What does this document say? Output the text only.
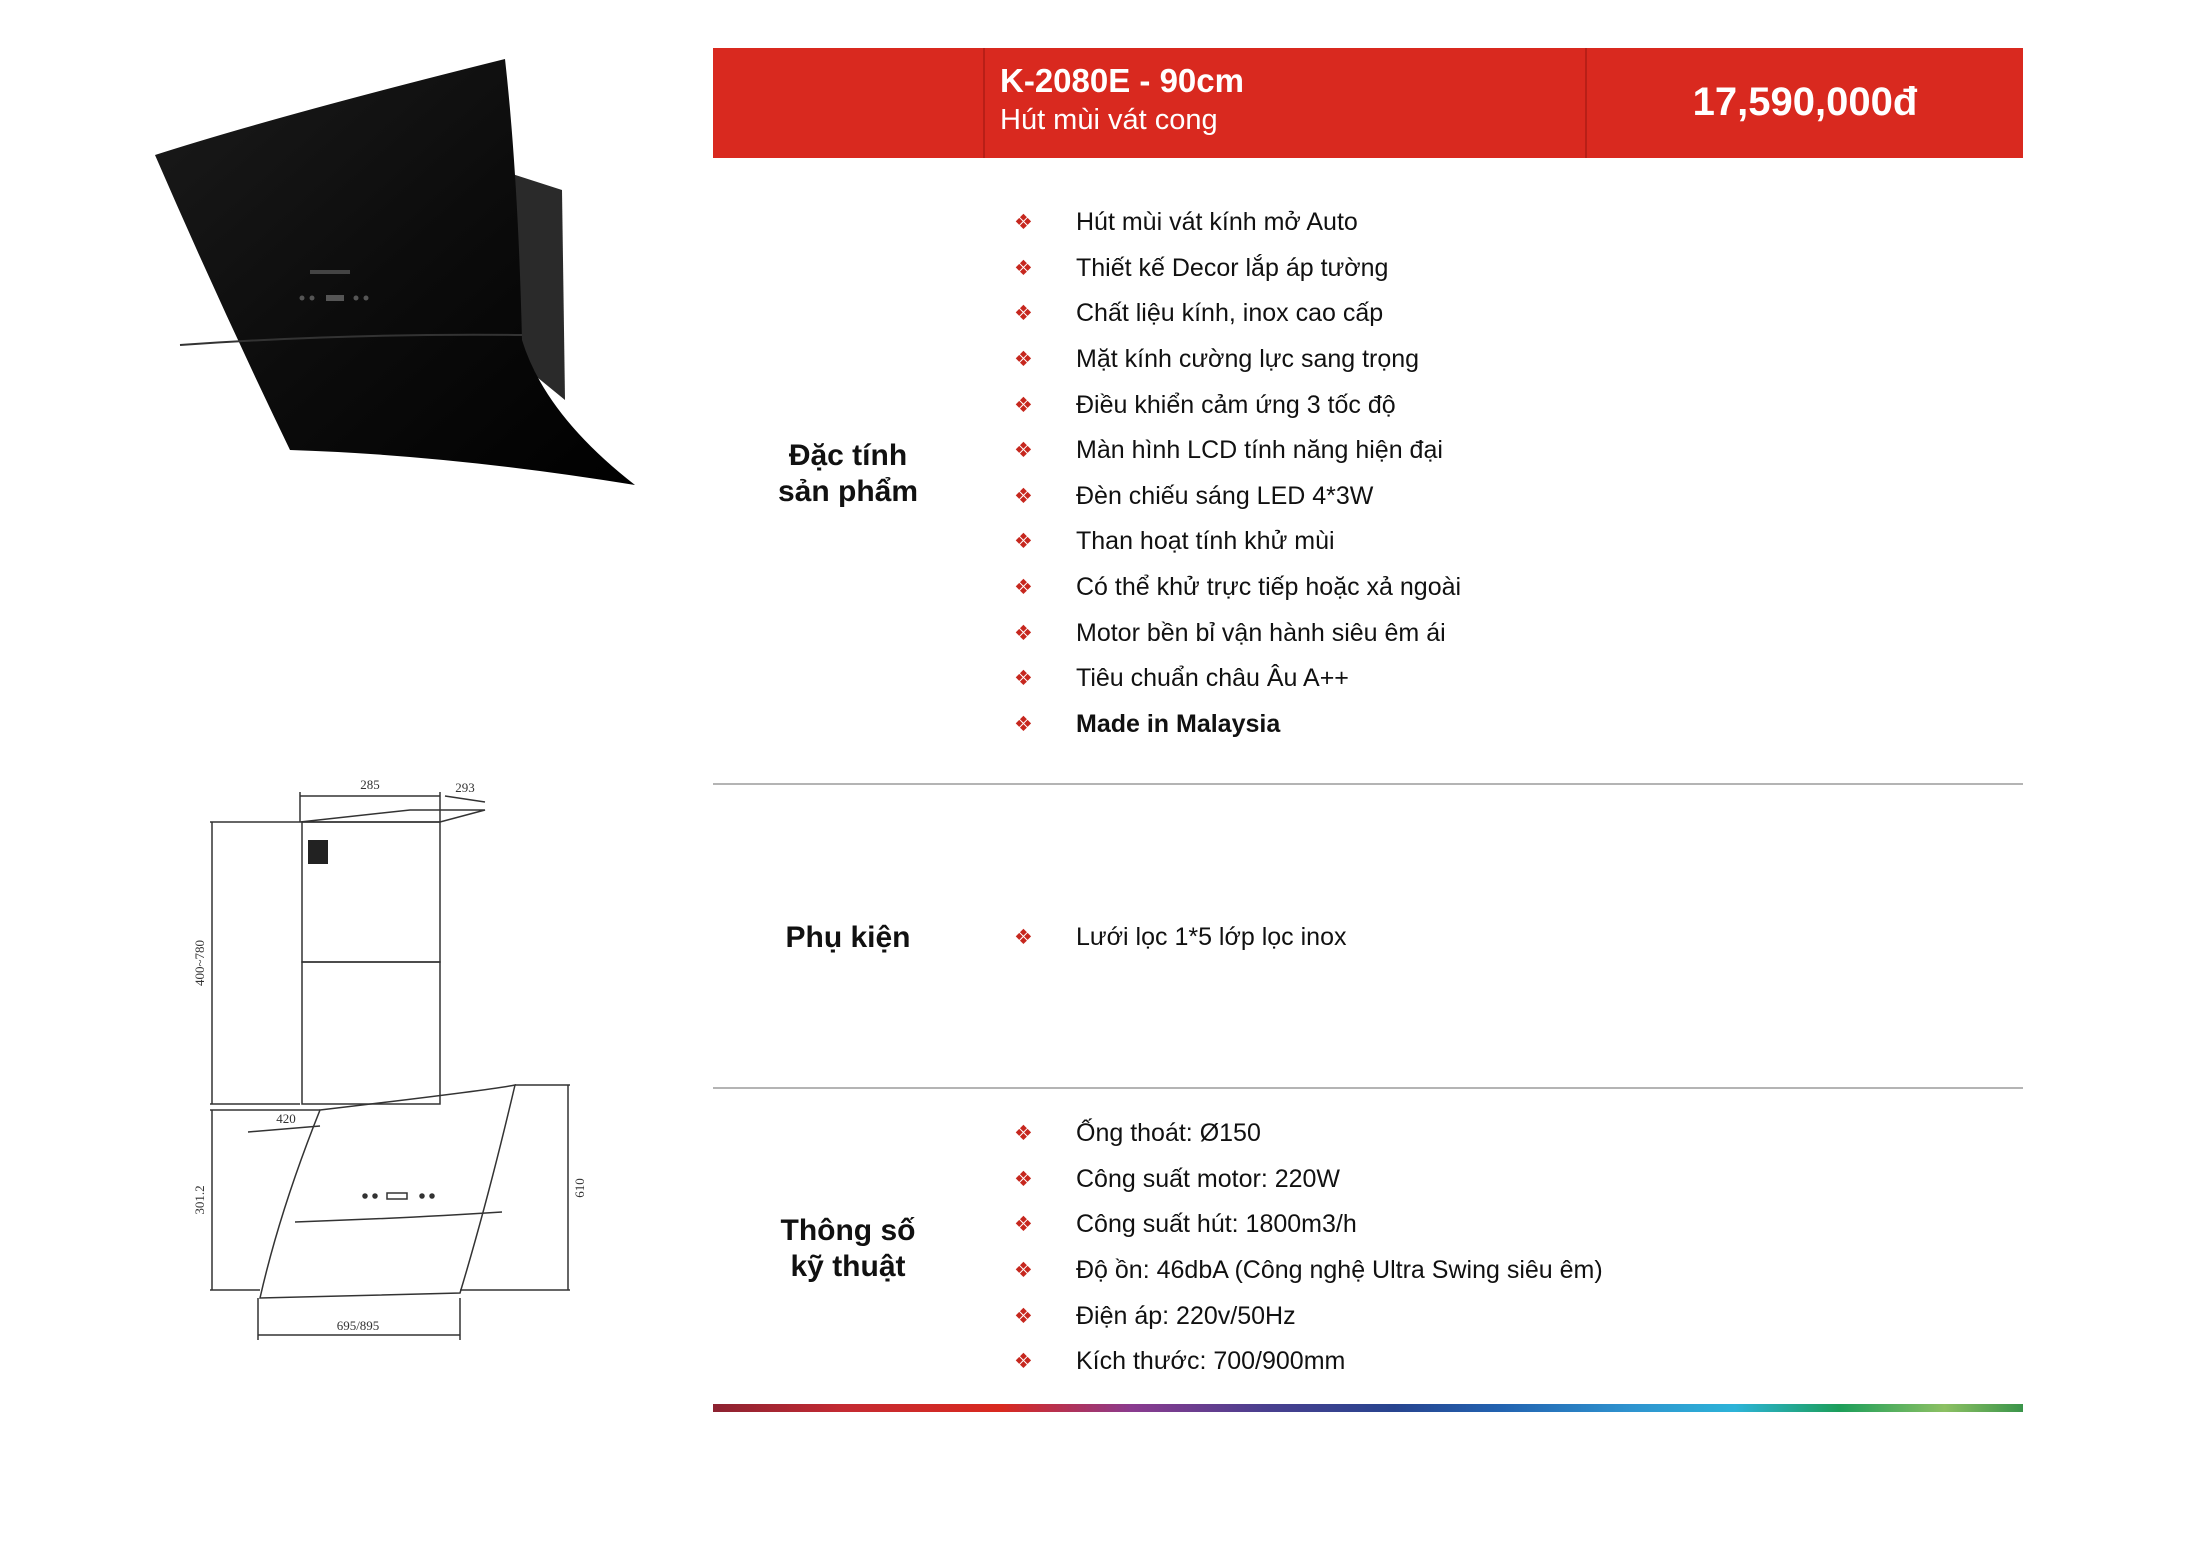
285	293
400~780
420
301.2	610
695/895
K-2080E - 90cm
Hút mùi vát cong	17,590,000đ
Đặc tính
sản phẩm
❖	Hút mùi vát kính mở Auto
❖	Thiết kế Decor lắp áp tường
❖	Chất liệu kính, inox cao cấp
❖	Mặt kính cường lực sang trọng
❖	Điều khiển cảm ứng 3 tốc độ
❖	Màn hình LCD tính năng hiện đại
❖	Đèn chiếu sáng LED 4*3W
❖	Than hoạt tính khử mùi
❖	Có thể khử trực tiếp hoặc xả ngoài
❖	Motor bền bỉ vận hành siêu êm ái
❖	Tiêu chuẩn châu Âu A++
❖	Made in Malaysia
Phụ kiện	❖	Lưới lọc 1*5 lớp lọc inox
Thông số
kỹ thuật
❖	Ống thoát: Ø150
❖	Công suất motor: 220W
❖	Công suất hút: 1800m3/h
❖	Độ ồn: 46dbA (Công nghệ Ultra Swing siêu êm)
❖	Điện áp: 220v/50Hz
❖	Kích thước: 700/900mm
